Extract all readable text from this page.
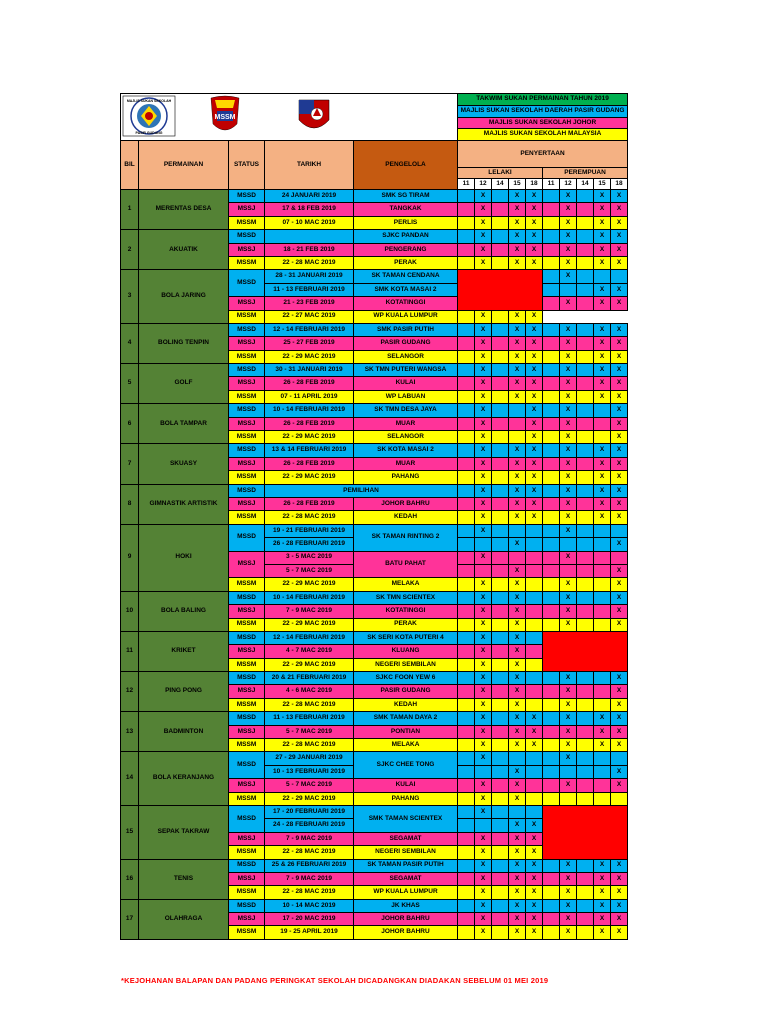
MAJLIS SUKAN SEKOLAH
PASIR GUDANG
MSSM					TAKWIM SUKAN PERMAINAN TAHUN 2019									
					MAJLIS SUKAN SEKOLAH DAERAH PASIR GUDANG									
					MAJLIS SUKAN SEKOLAH JOHOR									
					MAJLIS SUKAN SEKOLAH MALAYSIA									
BIL	PERMAINAN	STATUS	TARIKH	PENGELOLA	PENYERTAAN									
					LELAKI					PEREMPUAN				
					11	12	14	15	18	11	12	14	15	18
1	MERENTAS DESA	MSSD	24 JANUARI 2019	SMK SG TIRAM		X		X	X		X		X	X
		MSSJ	17 & 18 FEB 2019	TANGKAK		X		X	X		X		X	X
		MSSM	07 - 10 MAC 2019	PERLIS		X		X	X		X		X	X
2	AKUATIK	MSSD		SJKC PANDAN		X		X	X		X		X	X
		MSSJ	18 - 21 FEB 2019	PENGERANG		X		X	X		X		X	X
		MSSM	22 - 28 MAC 2019	PERAK		X		X	X		X		X	X
3	BOLA JARING	MSSD	28 - 31 JANUARI 2019	SK TAMAN CENDANA							X			
			11 - 13 FEBRUARI 2019	SMK KOTA MASAI 2									X	X
		MSSJ	21 - 23 FEB 2019	KOTATINGGI							X		X	X
		MSSM	22 - 27 MAC 2019	WP KUALA LUMPUR		X		X	X					
4	BOLING TENPIN	MSSD	12 - 14 FEBRUARI 2019	SMK PASIR PUTIH		X		X	X		X		X	X
		MSSJ	25 - 27 FEB 2019	PASIR GUDANG		X		X	X		X		X	X
		MSSM	22 - 29 MAC 2019	SELANGOR		X		X	X		X		X	X
5	GOLF	MSSD	30 - 31 JANUARI 2019	SK TMN PUTERI WANGSA		X		X	X		X		X	X
		MSSJ	26 - 28 FEB 2019	KULAI		X		X	X		X		X	X
		MSSM	07 - 11 APRIL 2019	WP LABUAN		X		X	X		X		X	X
6	BOLA TAMPAR	MSSD	10 - 14 FEBRUARI 2019	SK TMN DESA JAYA		X			X		X			X
		MSSJ	26 - 28 FEB 2019	MUAR		X			X		X			X
		MSSM	22 - 29 MAC 2019	SELANGOR		X			X		X			X
7	SKUASY	MSSD	13 & 14 FEBRUARI 2019	SK KOTA MASAI 2		X		X	X		X		X	X
		MSSJ	26 - 28 FEB 2019	MUAR		X		X	X		X		X	X
		MSSM	22 - 29 MAC 2019	PAHANG		X		X	X		X		X	X
8	GIMNASTIK ARTISTIK	MSSD	PEMILIHAN			X		X	X		X		X	X
		MSSJ	26 - 28 FEB 2019	JOHOR BAHRU		X		X	X		X		X	X
		MSSM	22 - 28 MAC 2019	KEDAH		X		X	X		X		X	X
9	HOKI	MSSD	19 - 21 FEBRUARI 2019	SK TAMAN RINTING 2		X					X			
			26 - 28 FEBRUARI 2019					X						X
		MSSJ	3 - 5 MAC 2019	BATU PAHAT		X					X			
			5 - 7 MAC 2019					X						X
		MSSM	22 - 29 MAC 2019	MELAKA		X		X			X			X
10	BOLA BALING	MSSD	10 - 14 FEBRUARI 2019	SK TMN SCIENTEX		X		X			X			X
		MSSJ	7 - 9 MAC 2019	KOTATINGGI		X		X			X			X
		MSSM	22 - 29 MAC 2019	PERAK		X		X			X			X
11	KRIKET	MSSD	12 - 14 FEBRUARI 2019	SK SERI KOTA PUTERI 4		X		X						
		MSSJ	4 - 7 MAC 2019	KLUANG		X		X						
		MSSM	22 - 29 MAC 2019	NEGERI SEMBILAN		X		X						
12	PING PONG	MSSD	20 & 21 FEBRUARI 2019	SJKC FOON YEW 6		X		X			X			X
		MSSJ	4 - 6 MAC 2019	PASIR GUDANG		X		X			X			X
		MSSM	22 - 28 MAC 2019	KEDAH		X		X			X			X
13	BADMINTON	MSSD	11 - 13 FEBRUARI 2019	SMK TAMAN DAYA 2		X		X	X		X		X	X
		MSSJ	5 - 7 MAC 2019	PONTIAN		X		X	X		X		X	X
		MSSM	22 - 28 MAC 2019	MELAKA		X		X	X		X		X	X
14	BOLA KERANJANG	MSSD	27 - 29 JANUARI 2019	SJKC CHEE TONG		X					X			
			10 - 13 FEBRUARI 2019					X						X
		MSSJ	5 - 7 MAC 2019	KULAI		X		X			X			X
		MSSM	22 - 29 MAC 2019	PAHANG		X		X						
15	SEPAK TAKRAW	MSSD	17 - 20 FEBRUARI 2019	SMK TAMAN SCIENTEX		X								
			24 - 28 FEBRUARI 2019					X	X					
		MSSJ	7 - 9 MAC 2019	SEGAMAT		X		X	X					
		MSSM	22 - 28 MAC 2019	NEGERI SEMBILAN		X		X	X					
16	TENIS	MSSD	25 & 26 FEBRUARI 2019	SK TAMAN PASIR PUTIH		X		X	X		X		X	X
		MSSJ	7 - 9 MAC 2019	SEGAMAT		X		X	X		X		X	X
		MSSM	22 - 28 MAC 2019	WP KUALA LUMPUR		X		X	X		X		X	X
17	OLAHRAGA	MSSD	10 - 14 MAC 2019	JK KHAS		X		X	X		X		X	X
		MSSJ	17 - 20 MAC 2019	JOHOR BAHRU		X		X	X		X		X	X
		MSSM	19 - 25 APRIL 2019	JOHOR BAHRU		X		X	X		X		X	X
*KEJOHANAN BALAPAN DAN PADANG PERINGKAT SEKOLAH DICADANGKAN DIADAKAN SEBELUM 01 MEI 2019
